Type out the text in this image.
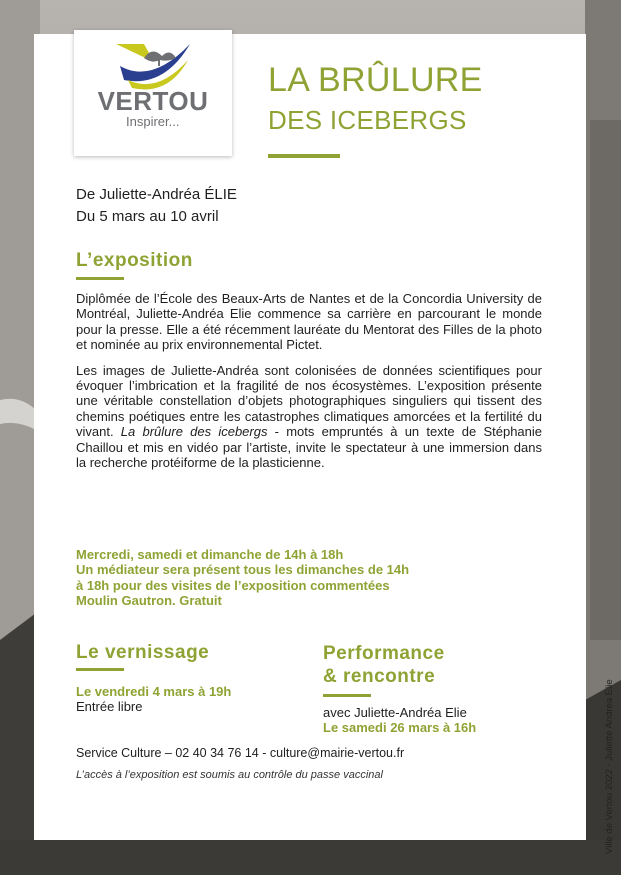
VERTOU
Inspirer...
LA BRÛLURE
DES ICEBERGS
De Juliette-Andréa ÉLIE
Du 5 mars au 10 avril
L’exposition

Diplômée de l’École des Beaux-Arts de Nantes et de la Concordia University de Montréal, Juliette-Andréa Elie commence sa carrière en parcourant le monde pour la presse. Elle a été récemment lauréate du Mentorat des Filles de la photo et nominée au prix environnemental Pictet.

Les images de Juliette-Andréa sont colonisées de données scientifiques pour évoquer l’imbrication et la fragilité de nos écosystèmes. L’exposition présente une véritable constellation d’objets photographiques singuliers qui tissent des chemins poétiques entre les catastrophes climatiques amorcées et la fertilité du vivant. La brûlure des icebergs - mots empruntés à un texte de Stéphanie Chaillou et mis en vidéo par l’artiste, invite le spectateur à une immersion dans la recherche protéiforme de la plasticienne.

Mercredi, samedi et dimanche de 14h à 18h
Un médiateur sera présent tous les dimanches de 14h
à 18h pour des visites de l’exposition commentées
Moulin Gautron. Gratuit
Le vernissage
Le vendredi 4 mars à 19h
Entrée libre
Performance
& rencontre
avec Juliette-Andréa Elie
Le samedi 26 mars à 16h
Service Culture – 02 40 34 76 14 - culture@mairie-vertou.fr
L’accès à l’exposition est soumis au contrôle du passe vaccinal	Ville de Vertou 2022 - Juliette Andrea Elie
